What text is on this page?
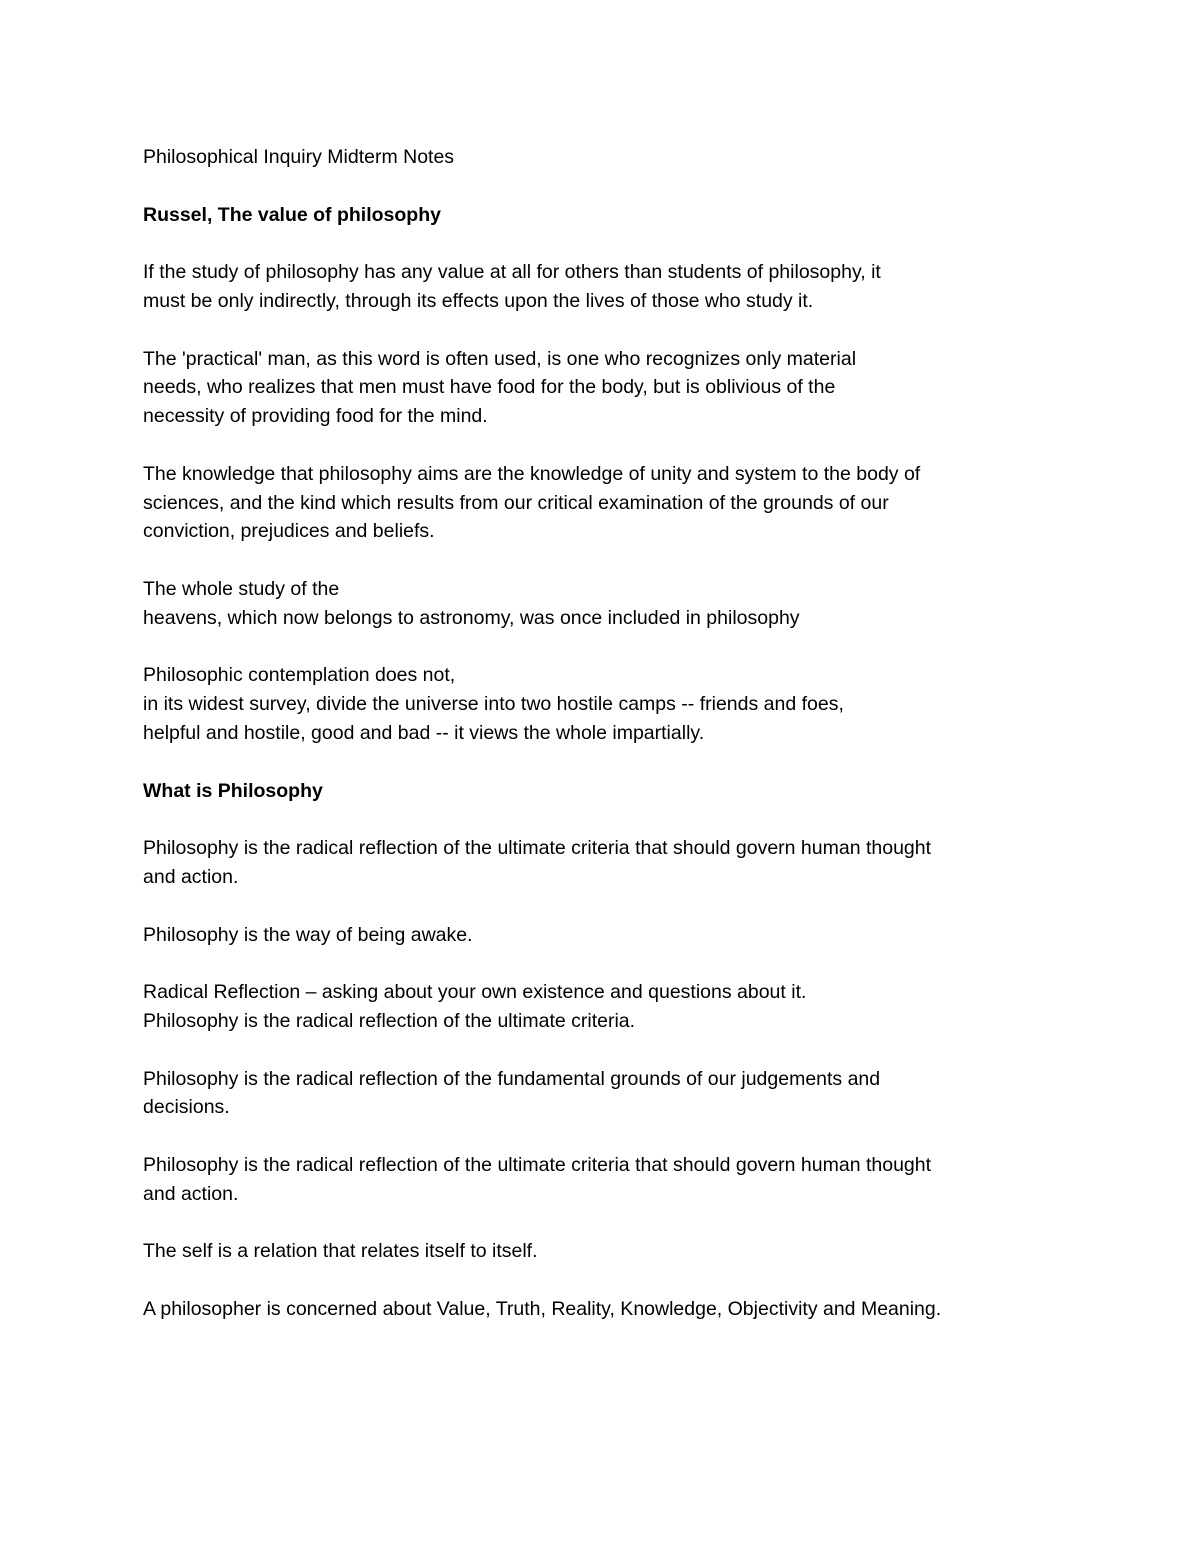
Philosophical Inquiry Midterm Notes
Russel, The value of philosophy
If the study of philosophy has any value at all for others than students of philosophy, it
must be only indirectly, through its effects upon the lives of those who study it.
The 'practical' man, as this word is often used, is one who recognizes only material
needs, who realizes that men must have food for the body, but is oblivious of the
necessity of providing food for the mind.
The knowledge that philosophy aims are the knowledge of unity and system to the body of
sciences, and the kind which results from our critical examination of the grounds of our
conviction, prejudices and beliefs.
The whole study of the
heavens, which now belongs to astronomy, was once included in philosophy
Philosophic contemplation does not,
in its widest survey, divide the universe into two hostile camps -- friends and foes,
helpful and hostile, good and bad -- it views the whole impartially.
What is Philosophy
Philosophy is the radical reflection of the ultimate criteria that should govern human thought
and action.
Philosophy is the way of being awake.
Radical Reflection – asking about your own existence and questions about it.
Philosophy is the radical reflection of the ultimate criteria.
Philosophy is the radical reflection of the fundamental grounds of our judgements and
decisions.
Philosophy is the radical reflection of the ultimate criteria that should govern human thought
and action.
The self is a relation that relates itself to itself.
A philosopher is concerned about Value, Truth, Reality, Knowledge, Objectivity and Meaning.
